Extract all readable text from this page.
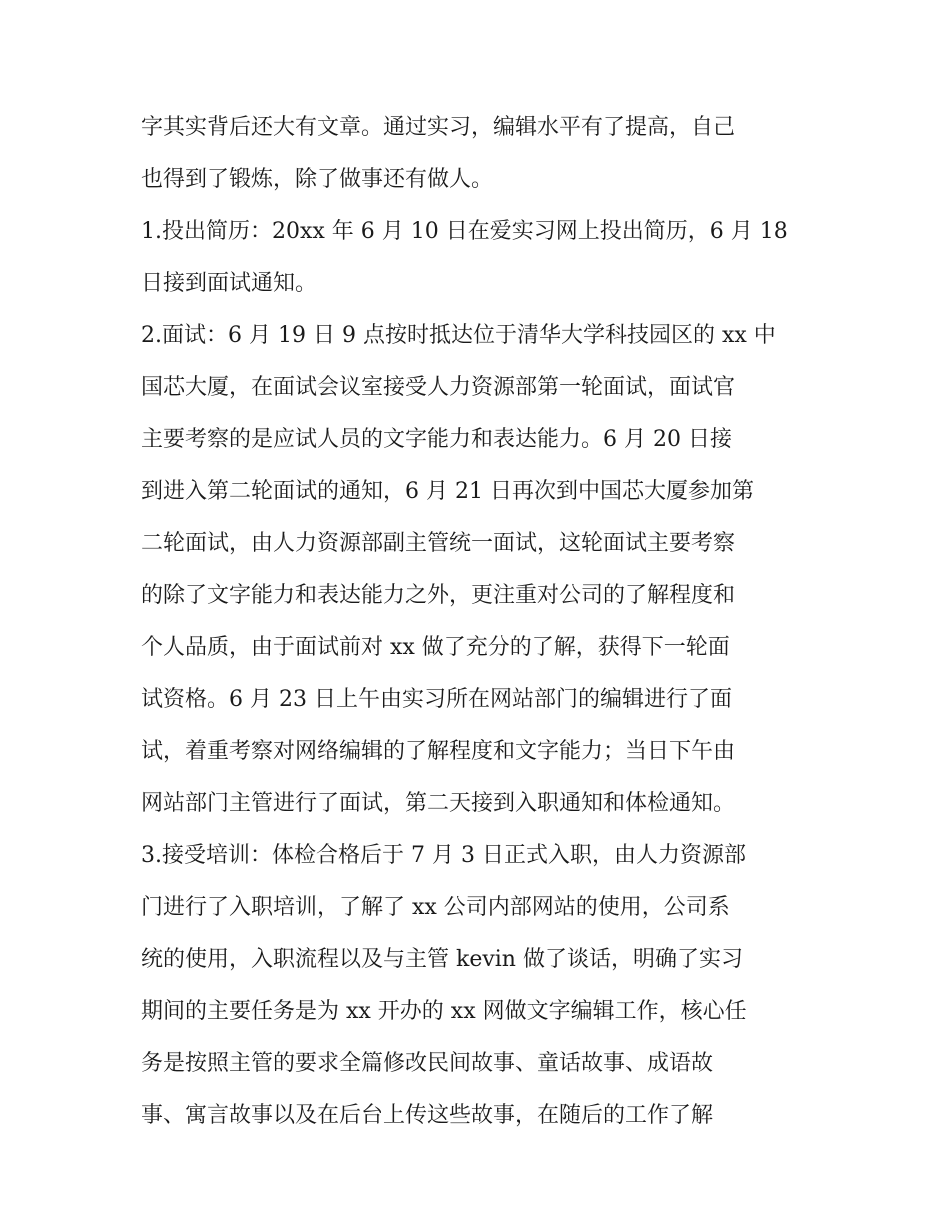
字其实背后还大有文章。通过实习，编辑水平有了提高，自己
也得到了锻炼，除了做事还有做人。
1.投出简历：20xx 年 6 月 10 日在爱实习网上投出简历，6 月 18
日接到面试通知。
2.面试：6 月 19 日 9 点按时抵达位于清华大学科技园区的 xx 中
国芯大厦，在面试会议室接受人力资源部第一轮面试，面试官
主要考察的是应试人员的文字能力和表达能力。6 月 20 日接
到进入第二轮面试的通知，6 月 21 日再次到中国芯大厦参加第
二轮面试，由人力资源部副主管统一面试，这轮面试主要考察
的除了文字能力和表达能力之外，更注重对公司的了解程度和
个人品质，由于面试前对 xx 做了充分的了解，获得下一轮面
试资格。6 月 23 日上午由实习所在网站部门的编辑进行了面
试，着重考察对网络编辑的了解程度和文字能力；当日下午由
网站部门主管进行了面试，第二天接到入职通知和体检通知。
3.接受培训：体检合格后于 7 月 3 日正式入职，由人力资源部
门进行了入职培训，了解了 xx 公司内部网站的使用，公司系
统的使用，入职流程以及与主管 kevin 做了谈话，明确了实习
期间的主要任务是为 xx 开办的 xx 网做文字编辑工作，核心任
务是按照主管的要求全篇修改民间故事、童话故事、成语故
事、寓言故事以及在后台上传这些故事，在随后的工作了解
